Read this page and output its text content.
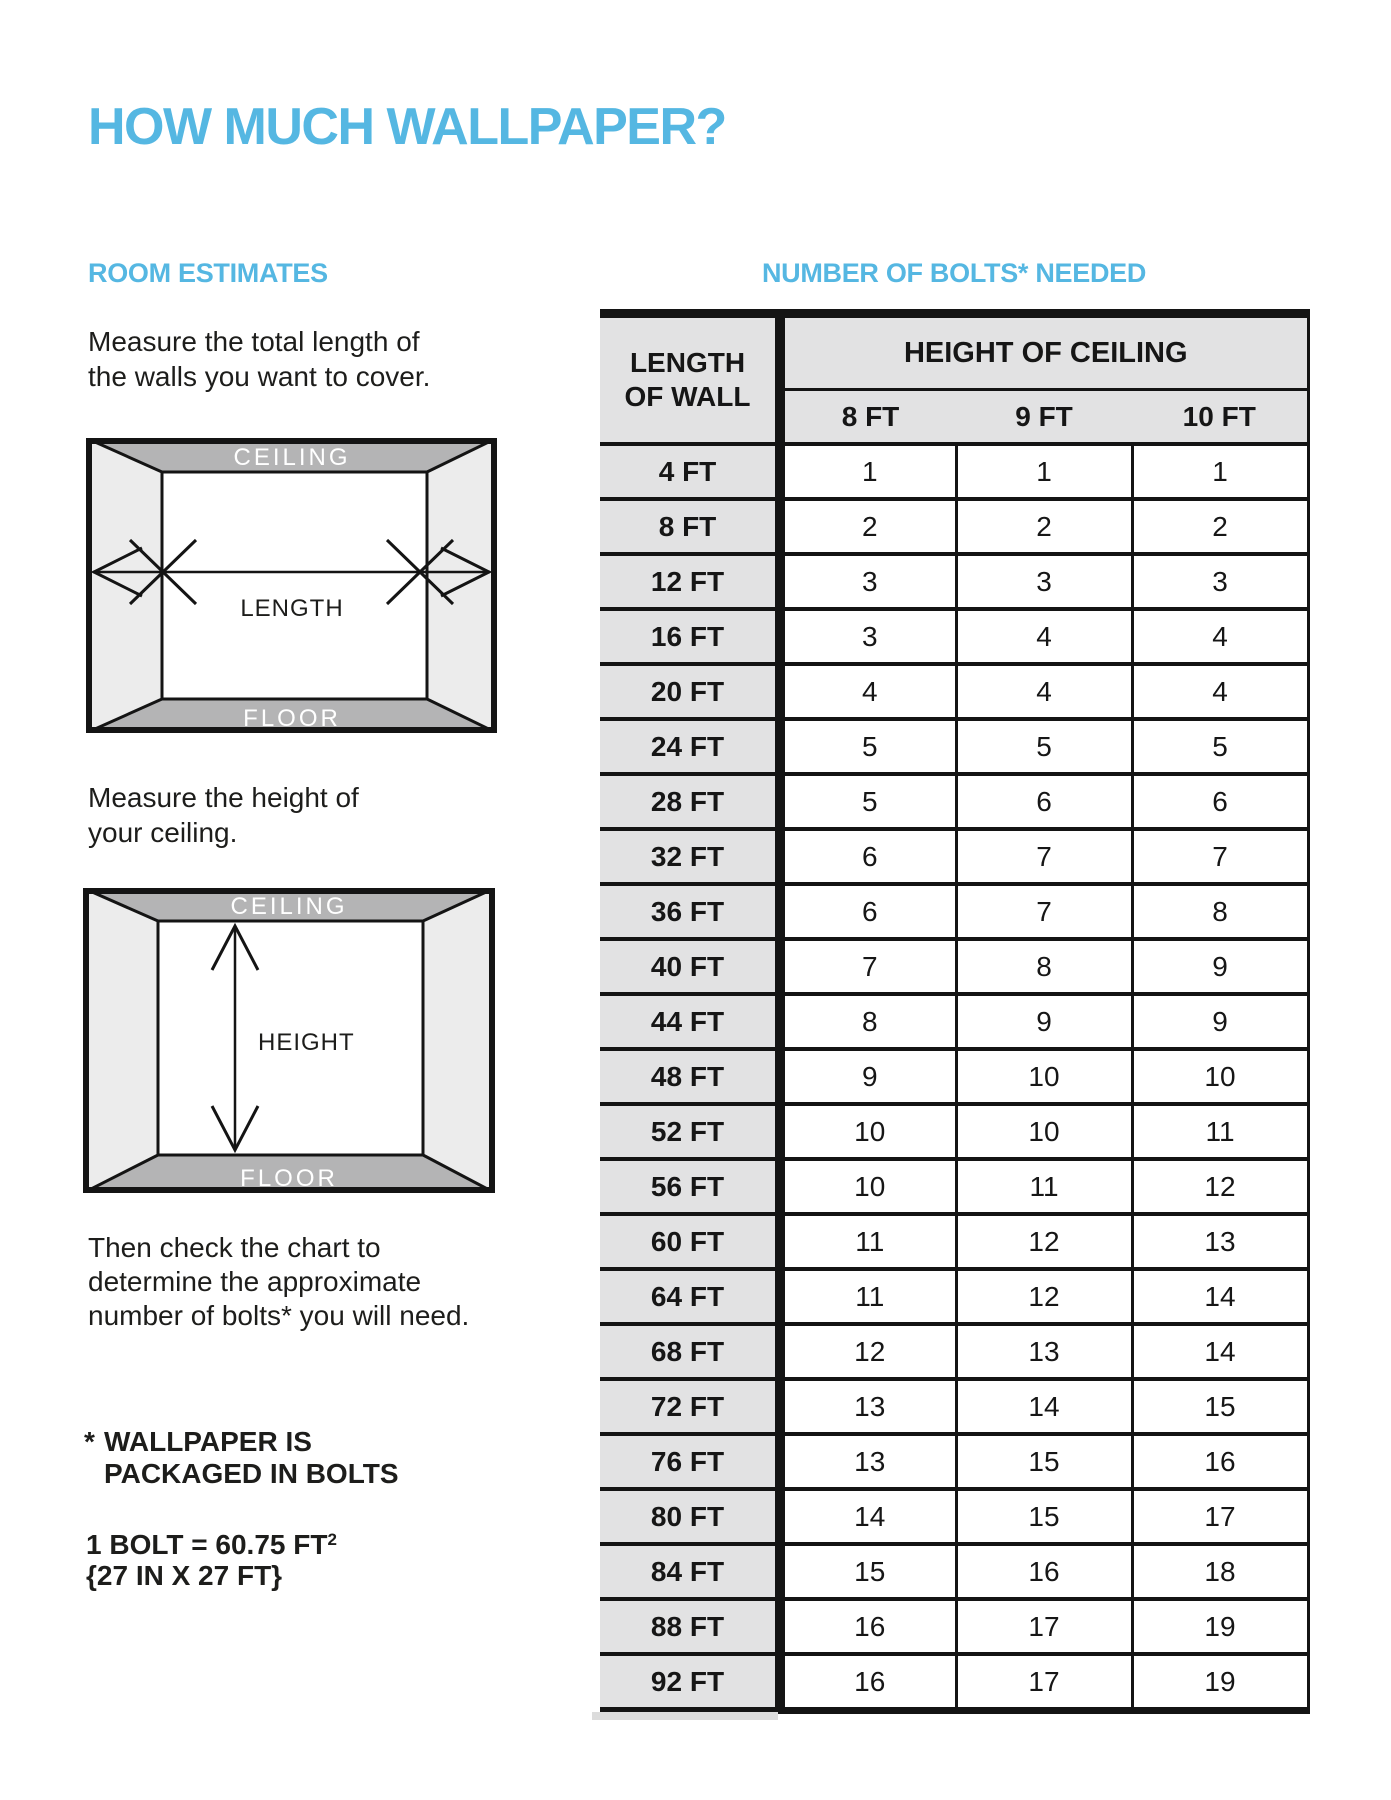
HOW MUCH WALLPAPER?
ROOM ESTIMATES	NUMBER OF BOLTS* NEEDED
Measure the total length of
the walls you want to cover.
CEILING
FLOOR
LENGTH
Measure the height of
your ceiling.
CEILING
FLOOR
HEIGHT
Then check the chart to
determine the approximate
number of bolts* you will need.
* WALLPAPER IS
PACKAGED IN BOLTS
1 BOLT = 60.75 $FT^2$
{27 IN X 27 FT}
LENGTH
OF WALL	HEIGHT OF CEILING		
	8 FT	9 FT	10 FT
4 FT	1	1	1
8 FT	2	2	2
12 FT	3	3	3
16 FT	3	4	4
20 FT	4	4	4
24 FT	5	5	5
28 FT	5	6	6
32 FT	6	7	7
36 FT	6	7	8
40 FT	7	8	9
44 FT	8	9	9
48 FT	9	10	10
52 FT	10	10	11
56 FT	10	11	12
60 FT	11	12	13
64 FT	11	12	14
68 FT	12	13	14
72 FT	13	14	15
76 FT	13	15	16
80 FT	14	15	17
84 FT	15	16	18
88 FT	16	17	19
92 FT	16	17	19
